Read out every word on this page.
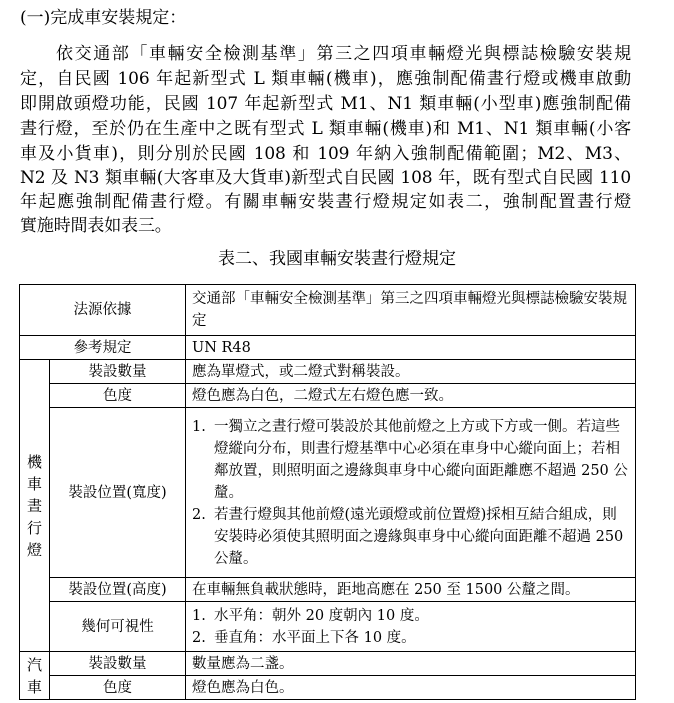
(一)完成車安裝規定：
依交通部「車輛安全檢測基準」第三之四項車輛燈光與標誌檢驗安裝規
定，自民國 106 年起新型式 L 類車輛(機車)，應強制配備晝行燈或機車啟動
即開啟頭燈功能，民國 107 年起新型式 M1、N1 類車輛(小型車)應強制配備
晝行燈，至於仍在生產中之既有型式 L 類車輛(機車)和 M1、N1 類車輛(小客
車及小貨車)，則分別於民國 108 和 109 年納入強制配備範圍；M2、M3、
N2 及 N3 類車輛(大客車及大貨車)新型式自民國 108 年，既有型式自民國 110
年起應強制配備晝行燈。有關車輛安裝晝行燈規定如表二，強制配置晝行燈
實施時間表如表三。
表二、我國車輛安裝晝行燈規定
法源依據		交通部「車輛安全檢測基準」第三之四項車輛燈光與標誌檢驗安裝規定
參考規定		UN R48

機
車
晝
行
燈	裝設數量	應為單燈式，或二燈式對稱裝設。
	色度	燈色應為白色，二燈式左右燈色應一致。
	裝設位置(寬度)	1. 一獨立之晝行燈可裝設於其他前燈之上方或下方或一側。若這些燈縱向分布，則晝行燈基準中心必須在車身中心縱向面上；若相鄰放置，則照明面之邊緣與車身中心縱向面距離應不超過 250 公釐。
2. 若晝行燈與其他前燈(遠光頭燈或前位置燈)採相互結合組成，則安裝時必須使其照明面之邊緣與車身中心縱向面距離不超過 250 公釐。

	裝設位置(高度)	在車輛無負載狀態時，距地高應在 250 至 1500 公釐之間。
	幾何可視性	1. 水平角：朝外 20 度朝內 10 度。
2. 垂直角：水平面上下各 10 度。

汽
車	裝設數量	數量應為二盞。
	色度	燈色應為白色。
